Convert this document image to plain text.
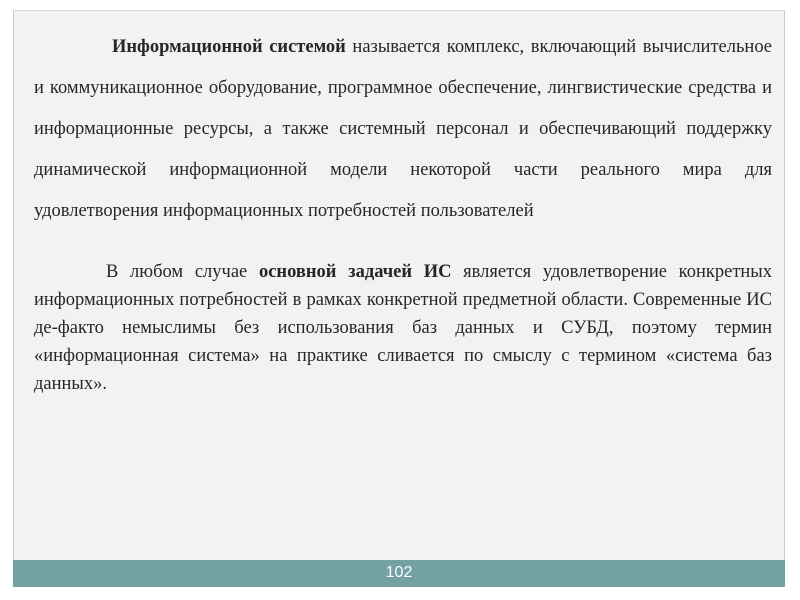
Информационной системой называется комплекс, включающий вычислительное и коммуникационное оборудование, программное обеспечение, лингвистические средства и информационные ресурсы, а также системный персонал и обеспечивающий поддержку динамической информационной модели некоторой части реального мира для удовлетворения информационных потребностей пользователей

В любом случае основной задачей ИС является удовлетворение конкретных информационных потребностей в рамках конкретной предметной области. Современные ИС де-факто немыслимы без использования баз данных и СУБД, поэтому термин «информационная система» на практике сливается по смыслу с термином «система баз данных».

102
